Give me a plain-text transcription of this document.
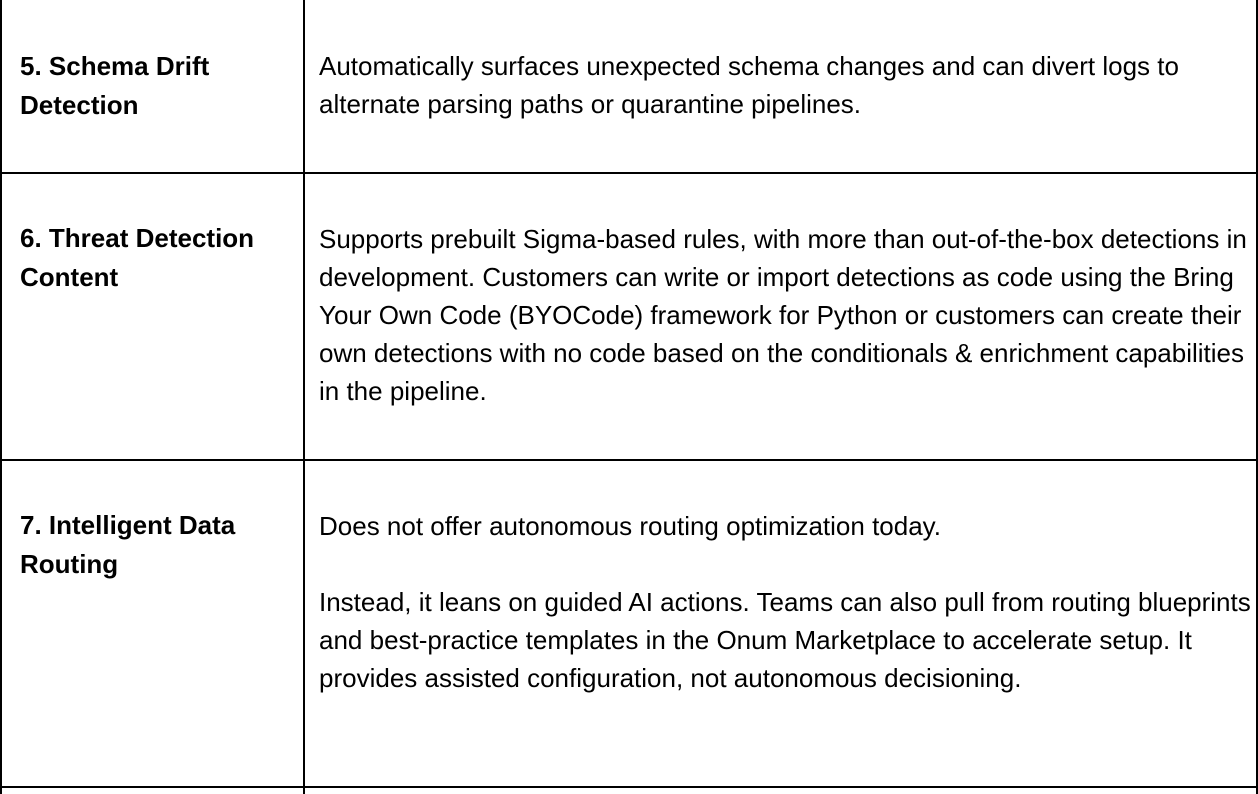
5. Schema Drift Detection

Automatically surfaces unexpected schema changes and can divert logs to alternate parsing paths or quarantine pipelines.

6. Threat Detection Content

Supports prebuilt Sigma-based rules, with more than out-of-the-box detections in development. Customers can write or import detections as code using the Bring Your Own Code (BYOCode) framework for Python or customers can create their own detections with no code based on the conditionals & enrichment capabilities in the pipeline.

7. Intelligent Data Routing

Does not offer autonomous routing optimization today.

Instead, it leans on guided AI actions. Teams can also pull from routing blueprints and best-practice templates in the Onum Marketplace to accelerate setup. It provides assisted configuration, not autonomous decisioning.
